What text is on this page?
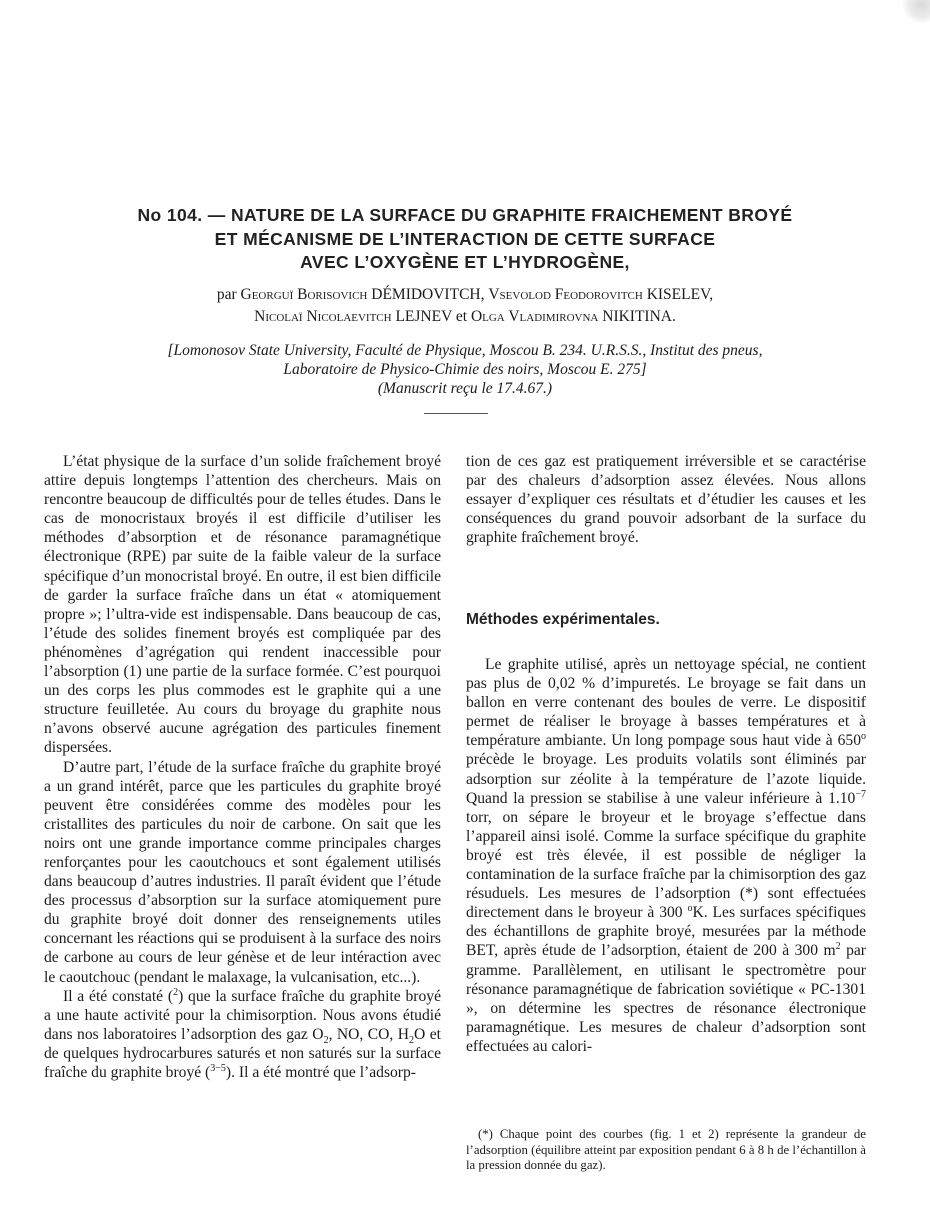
No 104. — NATURE DE LA SURFACE DU GRAPHITE FRAICHEMENT BROYÉ
ET MÉCANISME DE L’INTERACTION DE CETTE SURFACE
AVEC L’OXYGÈNE ET L’HYDROGÈNE,
par Georguï Borisovich DÉMIDOVITCH, Vsevolod Feodorovitch KISELEV,
Nicolaï Nicolaevitch LEJNEV et Olga Vladimirovna NIKITINA.
[Lomonosov State University, Faculté de Physique, Moscou B. 234. U.R.S.S., Institut des pneus,
Laboratoire de Physico-Chimie des noirs, Moscou E. 275]
(Manuscrit reçu le 17.4.67.)

L’état physique de la surface d’un solide fraîchement broyé attire depuis longtemps l’attention des chercheurs. Mais on rencontre beaucoup de difficultés pour de telles études. Dans le cas de monocristaux broyés il est difficile d’utiliser les méthodes d’absorption et de résonance paramagnétique électronique (RPE) par suite de la faible valeur de la surface spécifique d’un monocristal broyé. En outre, il est bien difficile de garder la surface fraîche dans un état « atomiquement propre »; l’ultra-vide est indispensable. Dans beaucoup de cas, l’étude des solides finement broyés est compliquée par des phénomènes d’agrégation qui rendent inaccessible pour l’absorption (1) une partie de la surface formée. C’est pourquoi un des corps les plus commodes est le graphite qui a une structure feuilletée. Au cours du broyage du graphite nous n’avons observé aucune agrégation des particules finement dispersées.

D’autre part, l’étude de la surface fraîche du graphite broyé a un grand intérêt, parce que les particules du graphite broyé peuvent être considérées comme des modèles pour les cristallites des particules du noir de carbone. On sait que les noirs ont une grande importance comme principales charges renforçantes pour les caoutchoucs et sont également utilisés dans beaucoup d’autres industries. Il paraît évident que l’étude des processus d’absorption sur la surface atomiquement pure du graphite broyé doit donner des renseignements utiles concernant les réactions qui se produisent à la surface des noirs de carbone au cours de leur génèse et de leur intéraction avec le caoutchouc (pendant le malaxage, la vulcanisation, etc...).

Il a été constaté ($^2$) que la surface fraîche du graphite broyé a une haute activité pour la chimisorption. Nous avons étudié dans nos laboratoires l’adsorption des gaz $O_2$, NO, CO, $H_2O$ et de quelques hydrocarbures saturés et non saturés sur la surface fraîche du graphite broyé ($^{3-5}$). Il a été montré que l’adsorp-

tion de ces gaz est pratiquement irréversible et se caractérise par des chaleurs d’adsorption assez élevées. Nous allons essayer d’expliquer ces résultats et d’étudier les causes et les conséquences du grand pouvoir adsorbant de la surface du graphite fraîchement broyé.

Méthodes expérimentales.

Le graphite utilisé, après un nettoyage spécial, ne contient pas plus de 0,02 % d’impuretés. Le broyage se fait dans un ballon en verre contenant des boules de verre. Le dispositif permet de réaliser le broyage à basses températures et à température ambiante. Un long pompage sous haut vide à 650$^o$ précède le broyage. Les produits volatils sont éliminés par adsorption sur zéolite à la température de l’azote liquide. Quand la pression se stabilise à une valeur inférieure à $1.10^{-7}$ torr, on sépare le broyeur et le broyage s’effectue dans l’appareil ainsi isolé. Comme la surface spécifique du graphite broyé est très élevée, il est possible de négliger la contamination de la surface fraîche par la chimisorption des gaz résuduels. Les mesures de l’adsorption (*) sont effectuées directement dans le broyeur à 300 $^o$K. Les surfaces spécifiques des échantillons de graphite broyé, mesurées par la méthode BET, après étude de l’adsorption, étaient de 200 à 300 $m^2$ par gramme. Parallèlement, en utilisant le spectromètre pour résonance paramagnétique de fabrication soviétique « PC-1301 », on détermine les spectres de résonance électronique paramagnétique. Les mesures de chaleur d’adsorption sont effectuées au calori-

(*) Chaque point des courbes (fig. 1 et 2) représente la grandeur de l’adsorption (équilibre atteint par exposition pendant 6 à 8 h de l’échantillon à la pression donnée du gaz).
